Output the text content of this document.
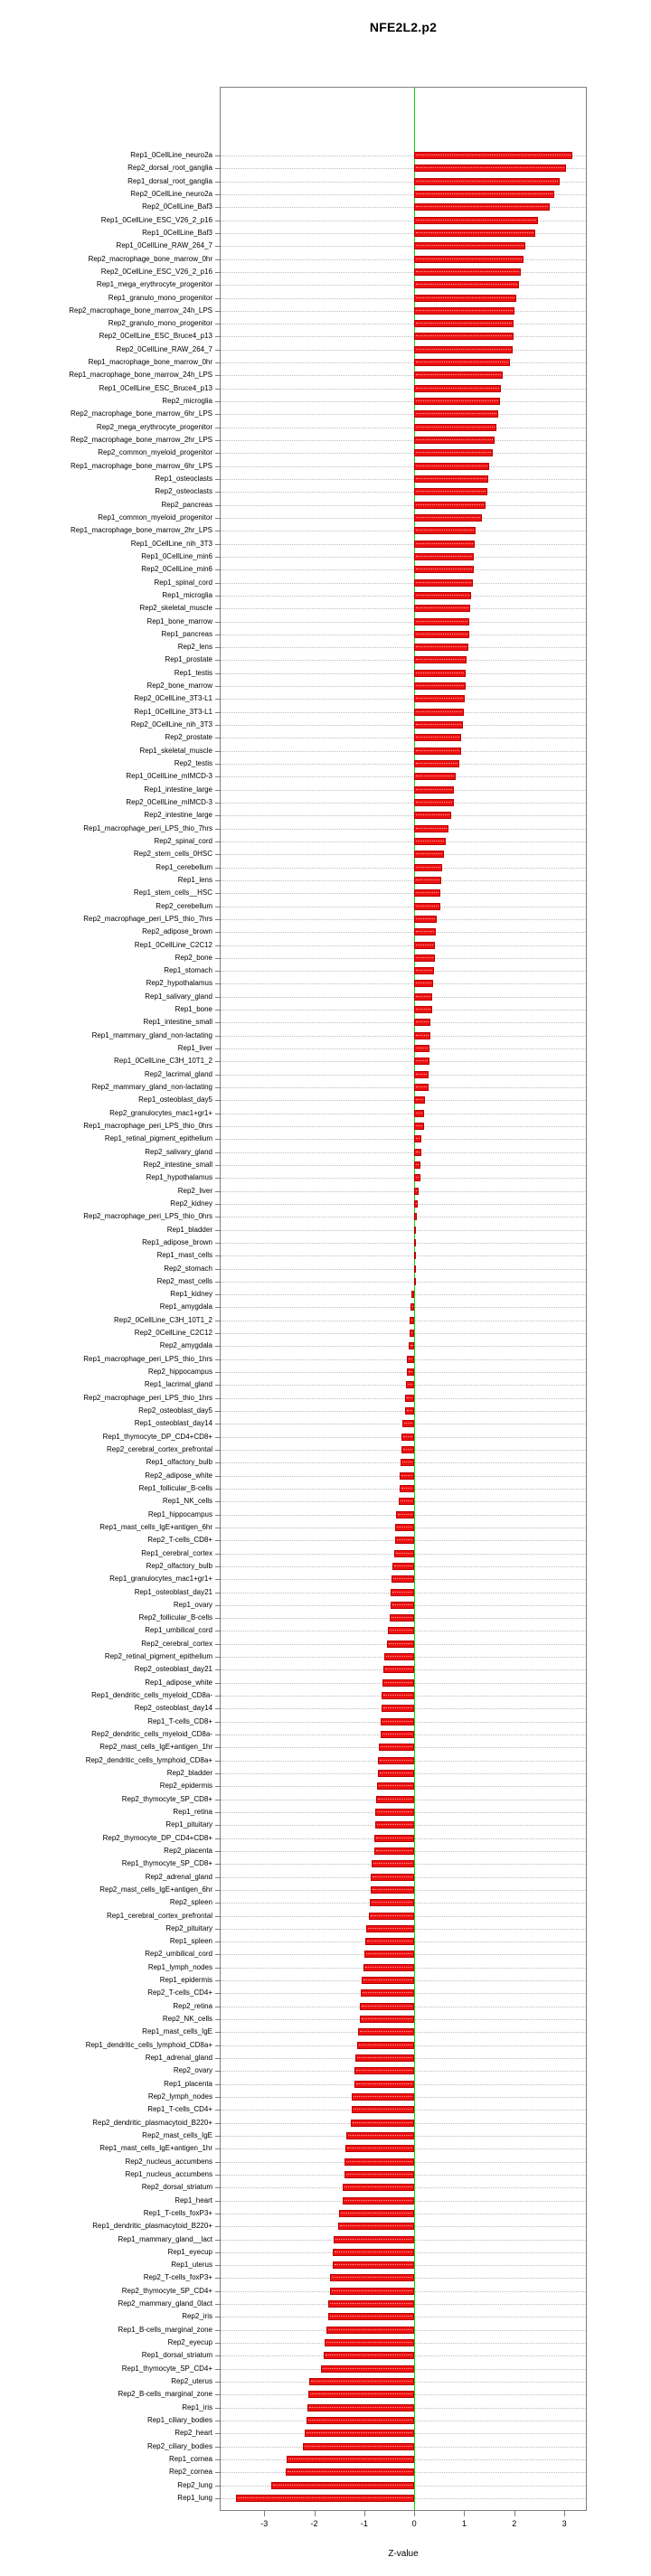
NFE2L2.p2
Rep1_0CellLine_neuro2a
Rep2_dorsal_root_ganglia
Rep1_dorsal_root_ganglia
Rep2_0CellLine_neuro2a
Rep2_0CellLine_Baf3
Rep1_0CellLine_ESC_V26_2_p16
Rep1_0CellLine_Baf3
Rep1_0CellLine_RAW_264_7
Rep2_macrophage_bone_marrow_0hr
Rep2_0CellLine_ESC_V26_2_p16
Rep1_mega_erythrocyte_progenitor
Rep1_granulo_mono_progenitor
Rep2_macrophage_bone_marrow_24h_LPS
Rep2_granulo_mono_progenitor
Rep2_0CellLine_ESC_Bruce4_p13
Rep2_0CellLine_RAW_264_7
Rep1_macrophage_bone_marrow_0hr
Rep1_macrophage_bone_marrow_24h_LPS
Rep1_0CellLine_ESC_Bruce4_p13
Rep2_microglia
Rep2_macrophage_bone_marrow_6hr_LPS
Rep2_mega_erythrocyte_progenitor
Rep2_macrophage_bone_marrow_2hr_LPS
Rep2_common_myeloid_progenitor
Rep1_macrophage_bone_marrow_6hr_LPS
Rep1_osteoclasts
Rep2_osteoclasts
Rep2_pancreas
Rep1_common_myeloid_progenitor
Rep1_macrophage_bone_marrow_2hr_LPS
Rep1_0CellLine_nih_3T3
Rep1_0CellLine_min6
Rep2_0CellLine_min6
Rep1_spinal_cord
Rep1_microglia
Rep2_skeletal_muscle
Rep1_bone_marrow
Rep1_pancreas
Rep2_lens
Rep1_prostate
Rep1_testis
Rep2_bone_marrow
Rep2_0CellLine_3T3-L1
Rep1_0CellLine_3T3-L1
Rep2_0CellLine_nih_3T3
Rep2_prostate
Rep1_skeletal_muscle
Rep2_testis
Rep1_0CellLine_mIMCD-3
Rep1_intestine_large
Rep2_0CellLine_mIMCD-3
Rep2_intestine_large
Rep1_macrophage_peri_LPS_thio_7hrs
Rep2_spinal_cord
Rep2_stem_cells_0HSC
Rep1_cerebellum
Rep1_lens
Rep1_stem_cells__HSC
Rep2_cerebellum
Rep2_macrophage_peri_LPS_thio_7hrs
Rep2_adipose_brown
Rep1_0CellLine_C2C12
Rep2_bone
Rep1_stomach
Rep2_hypothalamus
Rep1_salivary_gland
Rep1_bone
Rep1_intestine_small
Rep1_mammary_gland_non-lactating
Rep1_liver
Rep1_0CellLine_C3H_10T1_2
Rep2_lacrimal_gland
Rep2_mammary_gland_non-lactating
Rep1_osteoblast_day5
Rep2_granulocytes_mac1+gr1+
Rep1_macrophage_peri_LPS_thio_0hrs
Rep1_retinal_pigment_epithelium
Rep2_salivary_gland
Rep2_intestine_small
Rep1_hypothalamus
Rep2_liver
Rep2_kidney
Rep2_macrophage_peri_LPS_thio_0hrs
Rep1_bladder
Rep1_adipose_brown
Rep1_mast_cells
Rep2_stomach
Rep2_mast_cells
Rep1_kidney
Rep1_amygdala
Rep2_0CellLine_C3H_10T1_2
Rep2_0CellLine_C2C12
Rep2_amygdala
Rep1_macrophage_peri_LPS_thio_1hrs
Rep2_hippocampus
Rep1_lacrimal_gland
Rep2_macrophage_peri_LPS_thio_1hrs
Rep2_osteoblast_day5
Rep1_osteoblast_day14
Rep1_thymocyte_DP_CD4+CD8+
Rep2_cerebral_cortex_prefrontal
Rep1_olfactory_bulb
Rep2_adipose_white
Rep1_follicular_B-cells
Rep1_NK_cells
Rep1_hippocampus
Rep1_mast_cells_IgE+antigen_6hr
Rep2_T-cells_CD8+
Rep1_cerebral_cortex
Rep2_olfactory_bulb
Rep1_granulocytes_mac1+gr1+
Rep1_osteoblast_day21
Rep1_ovary
Rep2_follicular_B-cells
Rep1_umbilical_cord
Rep2_cerebral_cortex
Rep2_retinal_pigment_epithelium
Rep2_osteoblast_day21
Rep1_adipose_white
Rep1_dendritic_cells_myeloid_CD8a-
Rep2_osteoblast_day14
Rep1_T-cells_CD8+
Rep2_dendritic_cells_myeloid_CD8a-
Rep2_mast_cells_IgE+antigen_1hr
Rep2_dendritic_cells_lymphoid_CD8a+
Rep2_bladder
Rep2_epidermis
Rep2_thymocyte_SP_CD8+
Rep1_retina
Rep1_pituitary
Rep2_thymocyte_DP_CD4+CD8+
Rep2_placenta
Rep1_thymocyte_SP_CD8+
Rep2_adrenal_gland
Rep2_mast_cells_IgE+antigen_6hr
Rep2_spleen
Rep1_cerebral_cortex_prefrontal
Rep2_pituitary
Rep1_spleen
Rep2_umbilical_cord
Rep1_lymph_nodes
Rep1_epidermis
Rep2_T-cells_CD4+
Rep2_retina
Rep2_NK_cells
Rep1_mast_cells_IgE
Rep1_dendritic_cells_lymphoid_CD8a+
Rep1_adrenal_gland
Rep2_ovary
Rep1_placenta
Rep2_lymph_nodes
Rep1_T-cells_CD4+
Rep2_dendritic_plasmacytoid_B220+
Rep2_mast_cells_IgE
Rep1_mast_cells_IgE+antigen_1hr
Rep2_nucleus_accumbens
Rep1_nucleus_accumbens
Rep2_dorsal_striatum
Rep1_heart
Rep1_T-cells_foxP3+
Rep1_dendritic_plasmacytoid_B220+
Rep1_mammary_gland__lact
Rep1_eyecup
Rep1_uterus
Rep2_T-cells_foxP3+
Rep2_thymocyte_SP_CD4+
Rep2_mammary_gland_0lact
Rep2_iris
Rep1_B-cells_marginal_zone
Rep2_eyecup
Rep1_dorsal_striatum
Rep1_thymocyte_SP_CD4+
Rep2_uterus
Rep2_B-cells_marginal_zone
Rep1_iris
Rep1_ciliary_bodies
Rep2_heart
Rep2_ciliary_bodies
Rep1_cornea
Rep2_cornea
Rep2_lung
Rep1_lung
-3	-2	-1	0	1	2	3
Z-value
